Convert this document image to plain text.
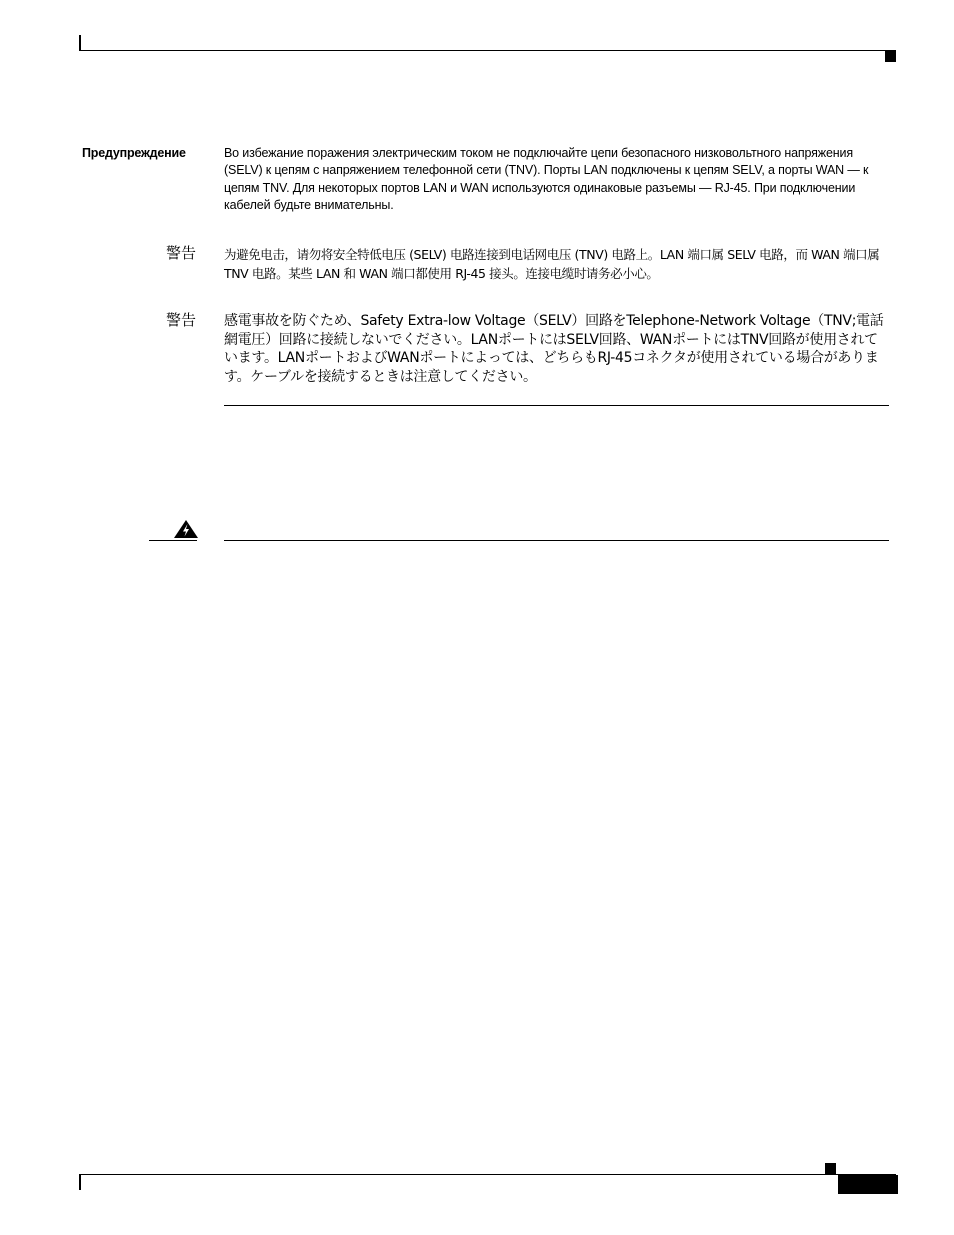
Предупреждение	Во избежание поражения электрическим током не подключайте цепи безопасного низковольтного напряжения (SELV) к цепям с напряжением телефонной сети (TNV). Порты LAN подключены к цепям SELV, а порты WAN — к цепям TNV. Для некоторых портов LAN и WAN используются одинаковые разъемы — RJ-45. При подключении кабелей будьте внимательны.

警告 为避免电击，请勿将安全特低电压 (SELV) 电路连接到电话网电压 (TNV) 电路上。LAN 端口属 SELV 电路，而 WAN 端口属 TNV 电路。某些 LAN 和 WAN 端口都使用 RJ-45 接头。连接电缆时请务必小心。

警告 感電事故を防ぐため、Safety Extra-low Voltage（SELV）回路をTelephone-Network Voltage（TNV;電話網電圧）回路に接続しないでください。LANポートにはSELV回路、WANポートにはTNV回路が使用されています。LANポートおよびWANポートによっては、どちらもRJ-45コネクタが使用されている場合があります。ケーブルを接続するときは注意してください。
